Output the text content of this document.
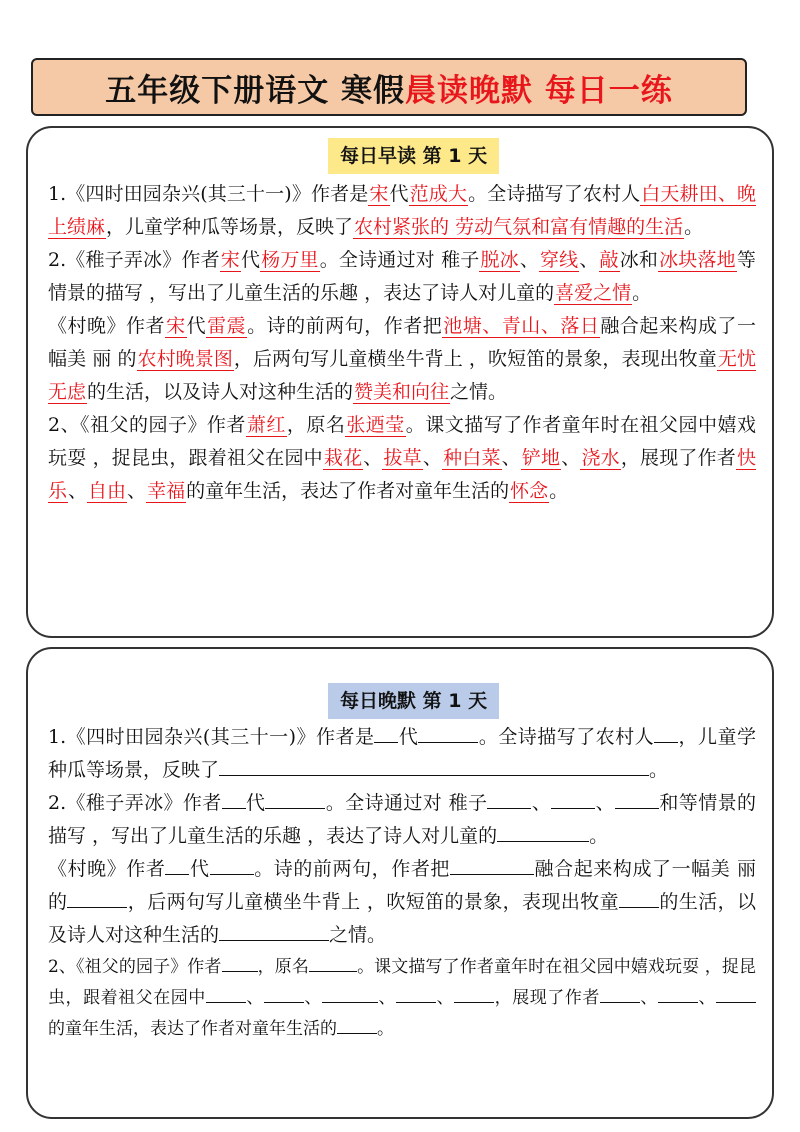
五年级下册语文 寒假 晨读晚默 每日一练
每日早读 第 1 天

1.《四时田园杂兴(其三十一)》作者是宋代范成大。全诗描写了农村人白天耕田、晚上绩麻，儿童学种瓜等场景，反映了农村紧张的 劳动气氛和富有情趣的生活。

2.《稚子弄冰》作者宋代杨万里。全诗通过对 稚子脱冰、穿线、敲冰和冰块落地等情景的描写 ，写出了儿童生活的乐趣 ，表达了诗人对儿童的喜爱之情。

《村晚》作者宋代雷震。诗的前两句，作者把池塘、青山、落日融合起来构成了一幅美 丽 的农村晚景图，后两句写儿童横坐牛背上 ，吹短笛的景象，表现出牧童无忧无虑的生活，以及诗人对这种生活的赞美和向往之情。

2、《祖父的园子》作者萧红，原名张迺莹。课文描写了作者童年时在祖父园中嬉戏玩耍 ，捉昆虫，跟着祖父在园中栽花、拔草、种白菜、铲地、浇水，展现了作者快乐、自由、幸福的童年生活，表达了作者对童年生活的怀念。

每日晚默 第 1 天

1.《四时田园杂兴(其三十一)》作者是 代	。全诗描写了农村人 ，儿童学种瓜等场景，反映了	。

2.《稚子弄冰》作者 代	。全诗通过对 稚子 、 、 和等情景的描写 ，写出了儿童生活的乐趣 ，表达了诗人对儿童的	。

《村晚》作者 代 。诗的前两句，作者把	融合起来构成了一幅美 丽 的	，后两句写儿童横坐牛背上 ，吹短笛的景象，表现出牧童 的生活，以及诗人对这种生活的	之情。

2、《祖父的园子》作者 ，原名	。课文描写了作者童年时在祖父园中嬉戏玩耍 ，捉昆虫，跟着祖父在园中 、 、	、 、 ，展现了作者 、 、的童年生活，表达了作者对童年生活的 。
